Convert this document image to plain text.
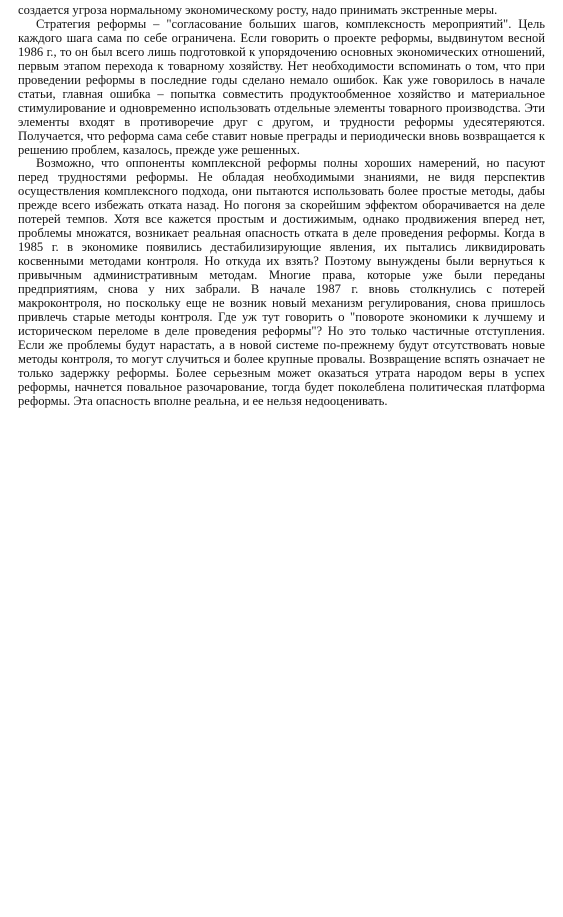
создается угроза нормальному экономическому росту, надо принимать экстренные меры.

Стратегия реформы – "согласование больших шагов, комплексность мероприятий". Цель каждого шага сама по себе ограничена. Если говорить о проекте реформы, выдвинутом весной 1986 г., то он был всего лишь подготовкой к упорядочению основных экономических отношений, первым этапом перехода к товарному хозяйству. Нет необходимости вспоминать о том, что при проведении реформы в последние годы сделано немало ошибок. Как уже говорилось в начале статьи, главная ошибка – попытка совместить продуктообменное хозяйство и материальное стимулирование и одновременно использовать отдельные элементы товарного производства. Эти элементы входят в противоречие друг с другом, и трудности реформы удесятеряются. Получается, что реформа сама себе ставит новые преграды и периодически вновь возвращается к решению проблем, казалось, прежде уже решенных.

Возможно, что оппоненты комплексной реформы полны хороших намерений, но пасуют перед трудностями реформы. Не обладая необходимыми знаниями, не видя перспектив осуществления комплексного подхода, они пытаются использовать более простые методы, дабы прежде всего избежать отката назад. Но погоня за скорейшим эффектом оборачивается на деле потерей темпов. Хотя все кажется простым и достижимым, однако продвижения вперед нет, проблемы множатся, возникает реальная опасность отката в деле проведения реформы. Когда в 1985 г. в экономике появились дестабилизирующие явления, их пытались ликвидировать косвенными методами контроля. Но откуда их взять? Поэтому вынуждены были вернуться к привычным административным методам. Многие права, которые уже были переданы предприятиям, снова у них забрали. В начале 1987 г. вновь столкнулись с потерей макроконтроля, но поскольку еще не возник новый механизм регулирования, снова пришлось привлечь старые методы контроля. Где уж тут говорить о "повороте экономики к лучшему и историческом переломе в деле проведения реформы"? Но это только частичные отступления. Если же проблемы будут нарастать, а в новой системе по-прежнему будут отсутствовать новые методы контроля, то могут случиться и более крупные провалы. Возвращение вспять означает не только задержку реформы. Более серьезным может оказаться утрата народом веры в успех реформы, начнется повальное разочарование, тогда будет поколеблена политическая платформа реформы. Эта опасность вполне реальна, и ее нельзя недооценивать.
